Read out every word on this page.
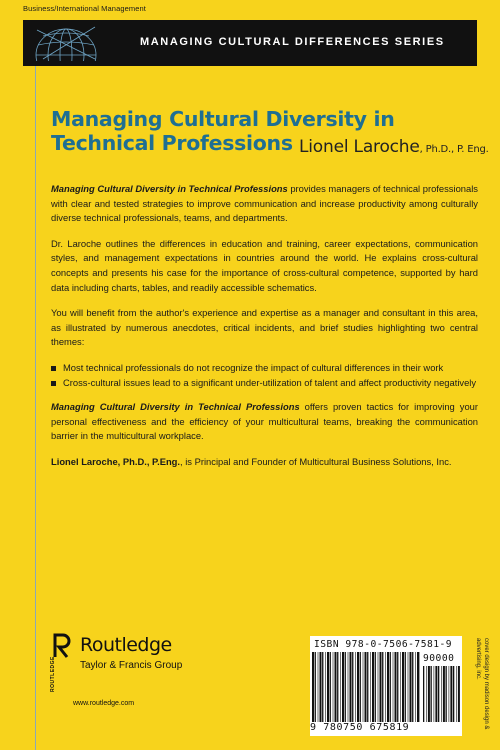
Business/International Management
MANAGING CULTURAL DIFFERENCES SERIES
Managing Cultural Diversity in
Technical Professions Lionel Laroche, Ph.D., P. Eng.

Managing Cultural Diversity in Technical Professions provides managers of technical professionals with clear and tested strategies to improve communication and increase productivity among culturally diverse technical professionals, teams, and departments.

Dr. Laroche outlines the differences in education and training, career expectations, communication styles, and management expectations in countries around the world. He explains cross-cultural concepts and presents his case for the importance of cross-cultural competence, supported by hard data including charts, tables, and readily accessible schematics.

You will benefit from the author's experience and expertise as a manager and consultant in this area, as illustrated by numerous anecdotes, critical incidents, and brief studies highlighting two central themes:

Most technical professionals do not recognize the impact of cultural differences in their work
Cross-cultural issues lead to a significant under-utilization of talent and affect productivity negatively

Managing Cultural Diversity in Technical Professions offers proven tactics for improving your personal effectiveness and the efficiency of your multicultural teams, breaking the communication barrier in the multicultural workplace.

Lionel Laroche, Ph.D., P.Eng., is Principal and Founder of Multicultural Business Solutions, Inc.

ROUTLEDGE
Routledge
Taylor & Francis Group
www.routledge.com
ISBN 978-0-7506-7581-9
90000
9 780750 675819	cover design by madison design & advertising, inc.
